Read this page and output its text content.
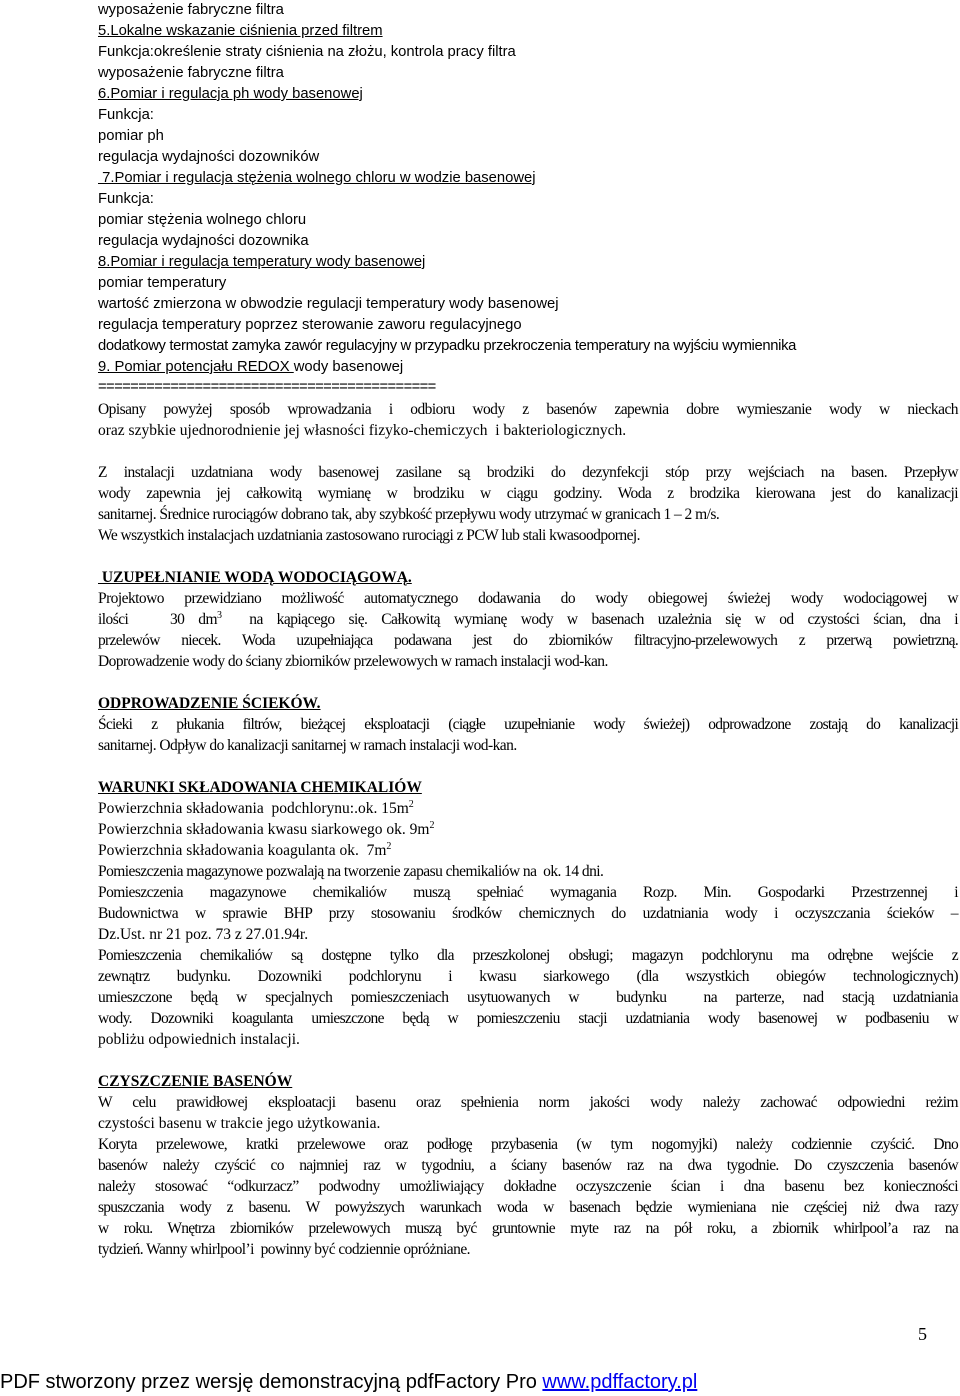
wyposażenie fabryczne filtra
5.Lokalne wskazanie ciśnienia przed filtrem
Funkcja:określenie straty ciśnienia na złożu, kontrola pracy filtra
wyposażenie fabryczne filtra
6.Pomiar i regulacja ph wody basenowej
Funkcja:
pomiar ph
regulacja wydajności dozowników
7.Pomiar i regulacja stężenia wolnego chloru w wodzie basenowej
Funkcja:
pomiar stężenia wolnego chloru
regulacja wydajności dozownika
8.Pomiar i regulacja temperatury wody basenowej
pomiar temperatury
wartość zmierzona w obwodzie regulacji temperatury wody basenowej
regulacja temperatury poprzez sterowanie zaworu regulacyjnego
dodatkowy termostat zamyka zawór regulacyjny w przypadku przekroczenia temperatury na wyjściu wymiennika
9. Pomiar potencjału REDOX wody basenowej
==========================================
Opisany powyżej sposób wprowadzania i odbioru wody z basenów zapewnia dobre wymieszanie wody w nieckach
oraz szybkie ujednorodnienie jej własności fizyko-chemiczych  i bakteriologicznych.
Z instalacji uzdatniana wody basenowej zasilane są brodziki do dezynfekcji stóp przy wejściach na basen. Przepływ
wody zapewnia jej całkowitą wymianę w brodziku w ciągu godziny. Woda z brodzika kierowana jest do kanalizacji
sanitarnej. Średnice rurociągów dobrano tak, aby szybkość przepływu wody utrzymać w granicach 1 – 2 m/s.
We wszystkich instalacjach uzdatniania zastosowano rurociągi z PCW lub stali kwasoodpornej.
UZUPEŁNIANIE WODĄ WODOCIĄGOWĄ.
Projektowo przewidziano możliwość automatycznego dodawania do wody obiegowej świeżej wody wodociągowej w
ilości   30 $dm^3$  na kąpiącego się. Całkowitą wymianę wody w basenach uzależnia się w od czystości ścian, dna i
przelewów niecek. Woda uzupełniająca podawana jest do zbiorników filtracyjno-przelewowych z przerwą powietrzną.
Doprowadzenie wody do ściany zbiorników przelewowych w ramach instalacji wod-kan.
ODPROWADZENIE ŚCIEKÓW.
Ścieki z płukania filtrów, bieżącej eksploatacji (ciągłe uzupełnianie wody świeżej) odprowadzone zostają do kanalizacji
sanitarnej. Odpływ do kanalizacji sanitarnej w ramach instalacji wod-kan.
WARUNKI SKŁADOWANIA CHEMIKALIÓW
Powierzchnia składowania  podchlorynu:.ok. $15m^2$
Powierzchnia składowania kwasu siarkowego ok. $9m^2$
Powierzchnia składowania koagulanta ok.  $7m^2$
Pomieszczenia magazynowe pozwalają na tworzenie zapasu chemikaliów na  ok. 14 dni.
Pomieszczenia magazynowe chemikaliów muszą spełniać wymagania Rozp. Min. Gospodarki Przestrzennej i
Budownictwa w sprawie BHP przy stosowaniu środków chemicznych do uzdatniania wody i oczyszczania ścieków –
Dz.Ust. nr 21 poz. 73 z 27.01.94r.
Pomieszczenia chemikaliów są dostępne tylko dla przeszkolonej obsługi; magazyn podchlorynu ma odrębne wejście z
zewnątrz budynku. Dozowniki podchlorynu i kwasu siarkowego (dla wszystkich obiegów technologicznych)
umieszczone będą w specjalnych pomieszczeniach usytuowanych w  budynku  na parterze, nad stacją uzdatniania
wody. Dozowniki koagulanta umieszczone będą w pomieszczeniu stacji uzdatniania wody basenowej w podbaseniu w
pobliżu odpowiednich instalacji.
CZYSZCZENIE BASENÓW
W celu prawidłowej eksploatacji basenu oraz spełnienia norm jakości wody należy zachować odpowiedni reżim
czystości basenu w trakcie jego użytkowania.
Koryta przelewowe, kratki przelewowe oraz podłogę przybasenia (w tym nogomyjki) należy codziennie czyścić. Dno
basenów należy czyścić co najmniej raz w tygodniu, a ściany basenów raz na dwa tygodnie. Do czyszczenia basenów
należy stosować “odkurzacz” podwodny umożliwiający dokładne oczyszczenie ścian i dna basenu bez konieczności
spuszczania wody z basenu. W powyższych warunkach woda w basenach będzie wymieniana nie częściej niż dwa razy
w roku. Wnętrza zbiorników przelewowych muszą być gruntownie myte raz na pół roku, a zbiornik whirlpool’a raz na
tydzień. Wanny whirlpool’i  powinny być codziennie opróżniane.
5
PDF stworzony przez wersję demonstracyjną pdfFactory Pro www.pdffactory.pl
